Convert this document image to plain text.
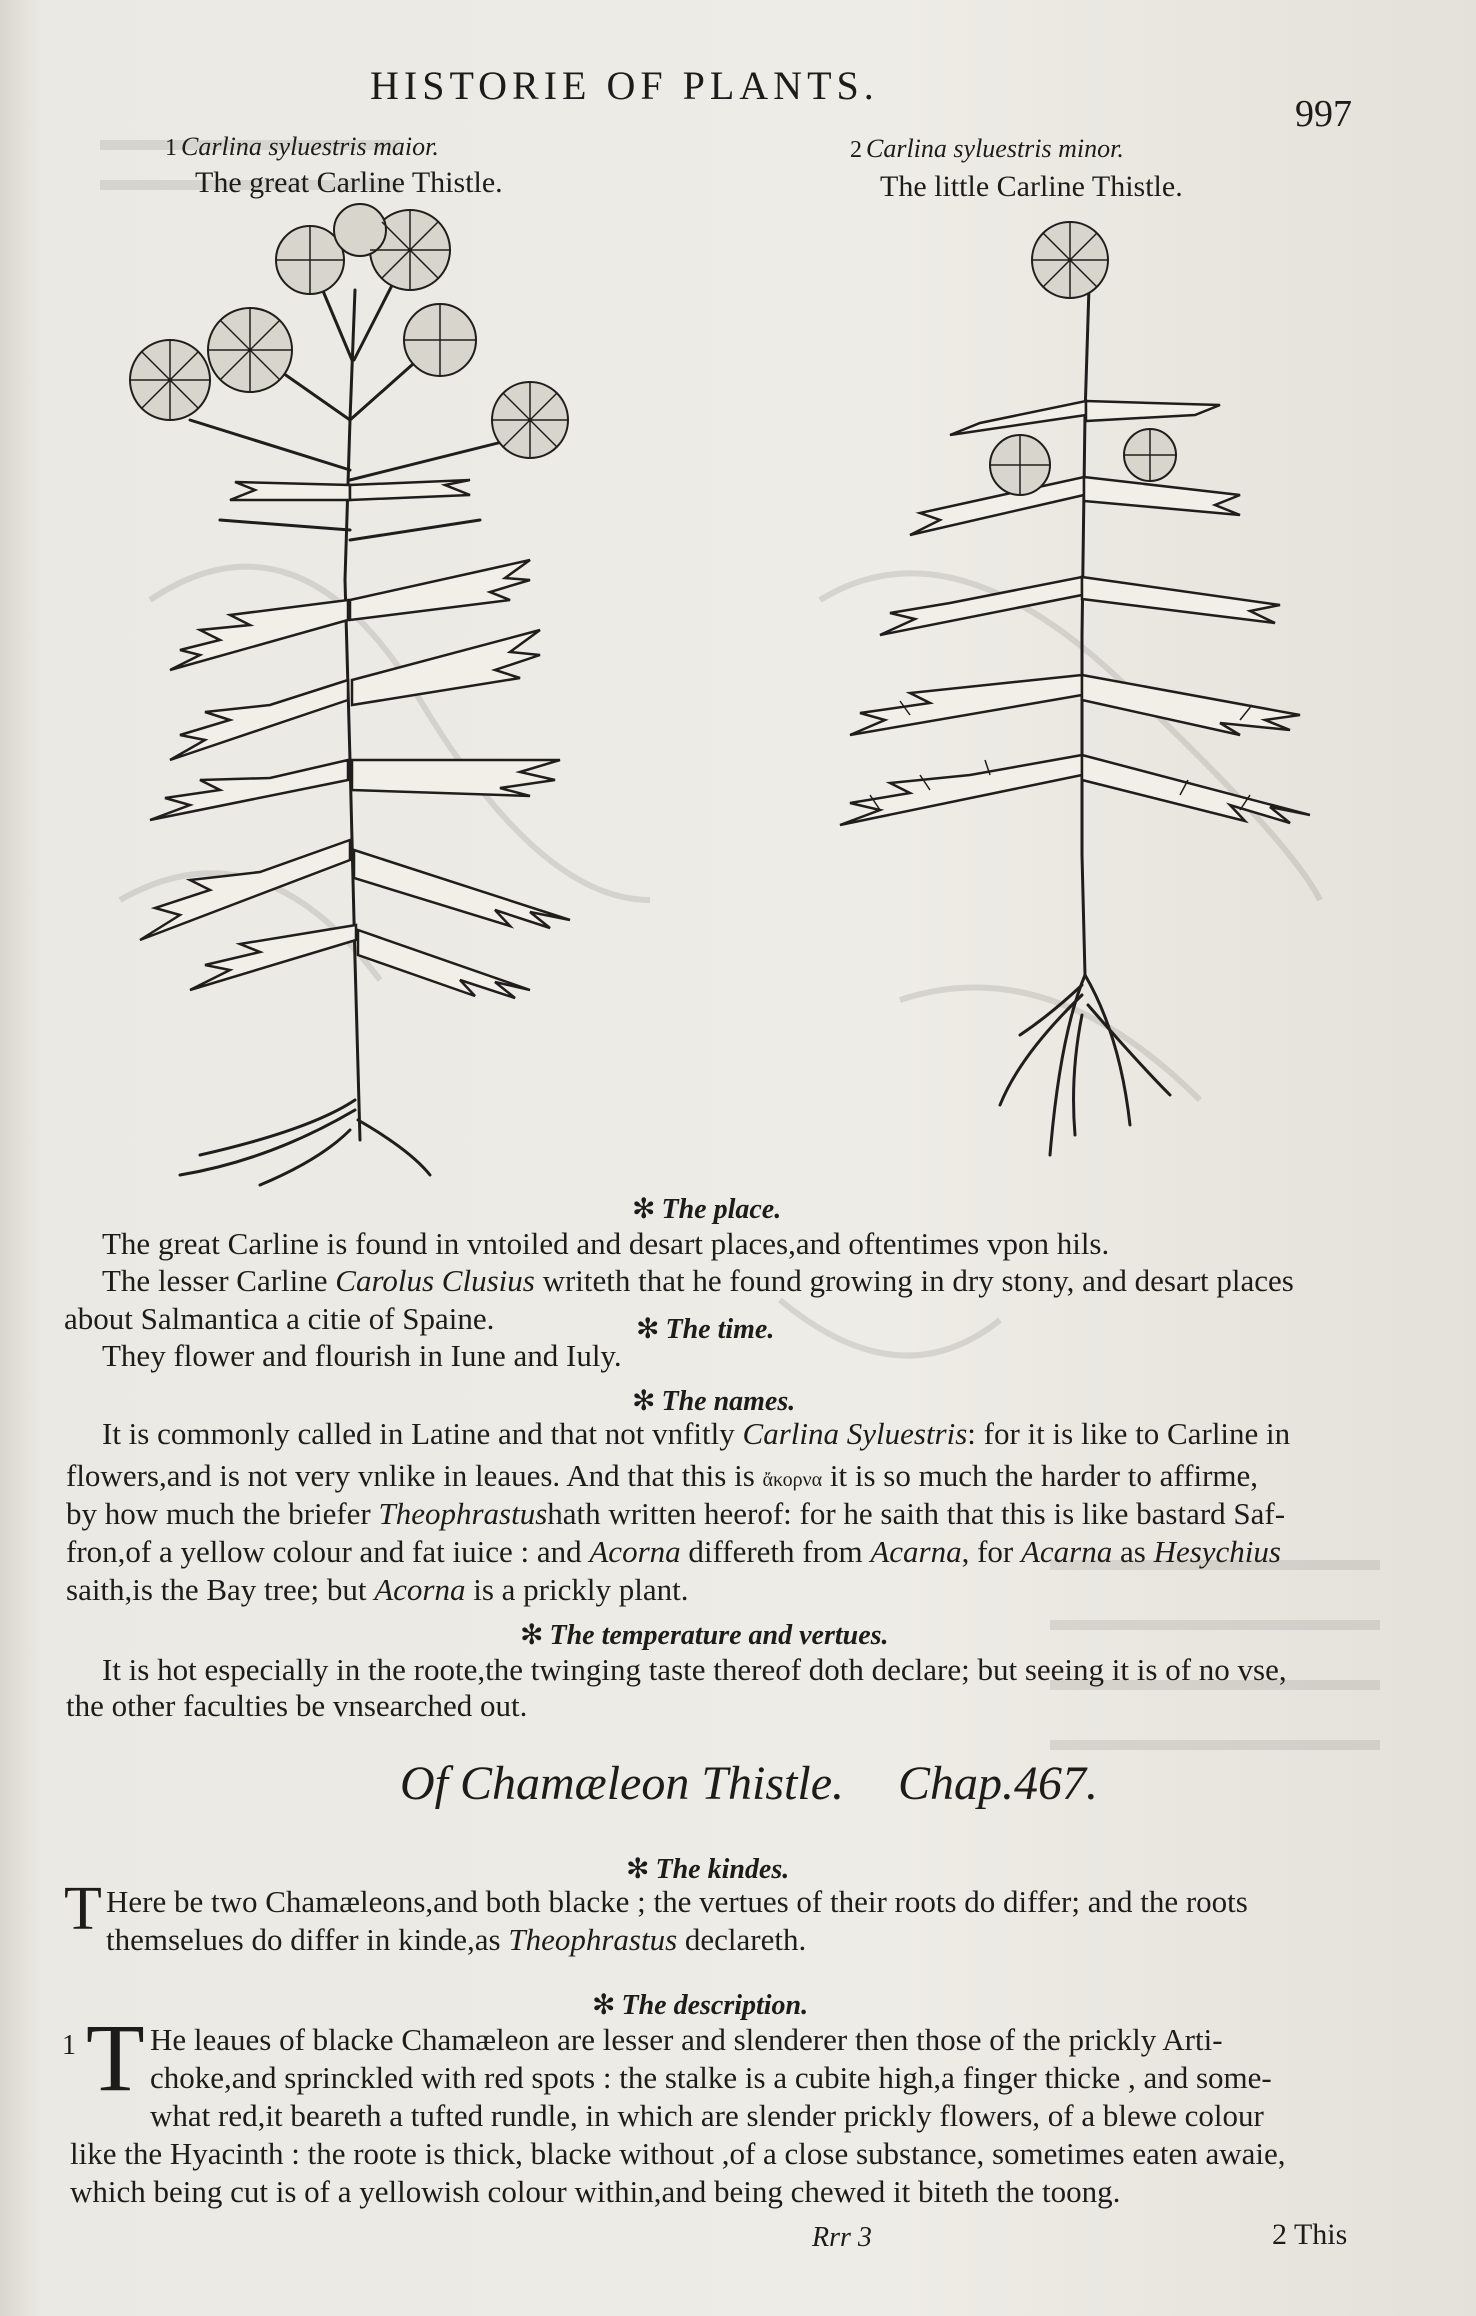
HISTORIE OF PLANTS.
997
1 Carlina syluestris maior.
The great Carline Thistle.
2 Carlina syluestris minor.
The little Carline Thistle.
✻ The place.
The great Carline is found in vntoiled and desart places,and oftentimes vpon hils.
The lesser Carline Carolus Clusius writeth that he found growing in dry stony, and desart places
about Salmantica a citie of Spaine.	✻ The time.
They flower and flourish in Iune and Iuly.
✻ The names.
It is commonly called in Latine and that not vnfitly Carlina Syluestris: for it is like to Carline in
flowers,and is not very vnlike in leaues. And that this is ἄκορνα it is so much the harder to affirme,
by how much the briefer Theophrastushath written heerof: for he saith that this is like bastard Saf-
fron,of a yellow colour and fat iuice : and Acorna differeth from Acarna, for Acarna as Hesychius
saith,is the Bay tree; but Acorna is a prickly plant.
✻ The temperature and vertues.
It is hot especially in the roote,the twinging taste thereof doth declare; but seeing it is of no vse,
the other faculties be vnsearched out.
Of Chamæleon Thistle. Chap.467.
✻ The kindes.
T Here be two Chamæleons,and both blacke ; the vertues of their roots do differ; and the roots
themselues do differ in kinde,as Theophrastus declareth.
✻ The description.
1 T He leaues of blacke Chamæleon are lesser and slenderer then those of the prickly Arti-
choke,and sprinckled with red spots : the stalke is a cubite high,a finger thicke , and some-
what red,it beareth a tufted rundle, in which are slender prickly flowers, of a blewe colour
like the Hyacinth : the roote is thick, blacke without ,of a close substance, sometimes eaten awaie,
which being cut is of a yellowish colour within,and being chewed it biteth the toong.
Rrr 3	2 This
